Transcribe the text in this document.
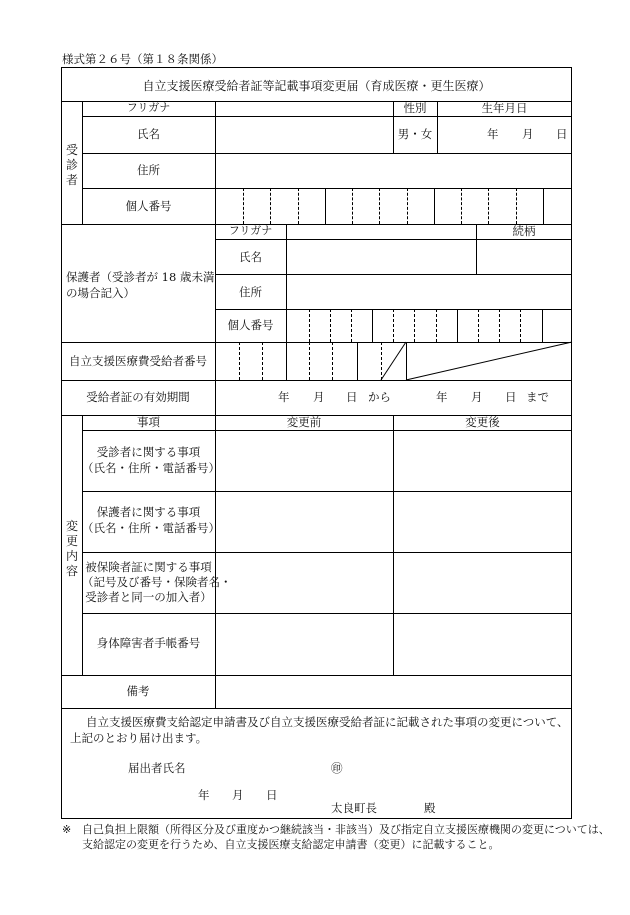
様式第２６号（第１８条関係）
自立支援医療受給者証等記載事項変更届（育成医療・更生医療）
受診者
フリガナ	性別	生年月日
氏名	男・女	年 月 日
住所
個人番号
保護者（受診者が 18 歳未満
の場合記入）
フリガナ	続柄
氏名
住所
個人番号
自立支援医療費受給者番号
受給者証の有効期間	年 月 日 から	年 月 日 まで
変更内容
事項	変更前	変更後
受診者に関する事項
（氏名・住所・電話番号）
保護者に関する事項
（氏名・住所・電話番号）
被保険者証に関する事項
（記号及び番号・保険者名・
受診者と同一の加入者）
身体障害者手帳番号
備考
自立支援医療費支給認定申請書及び自立支援医療受給者証に記載された事項の変更について、
上記のとおり届け出ます。
届出者氏名	㊞
年 月 日
太良町長	殿
※ 自己負担上限額（所得区分及び重度かつ継続該当・非該当）及び指定自立支援医療機関の変更については、
支給認定の変更を行うため、自立支援医療支給認定申請書（変更）に記載すること。
